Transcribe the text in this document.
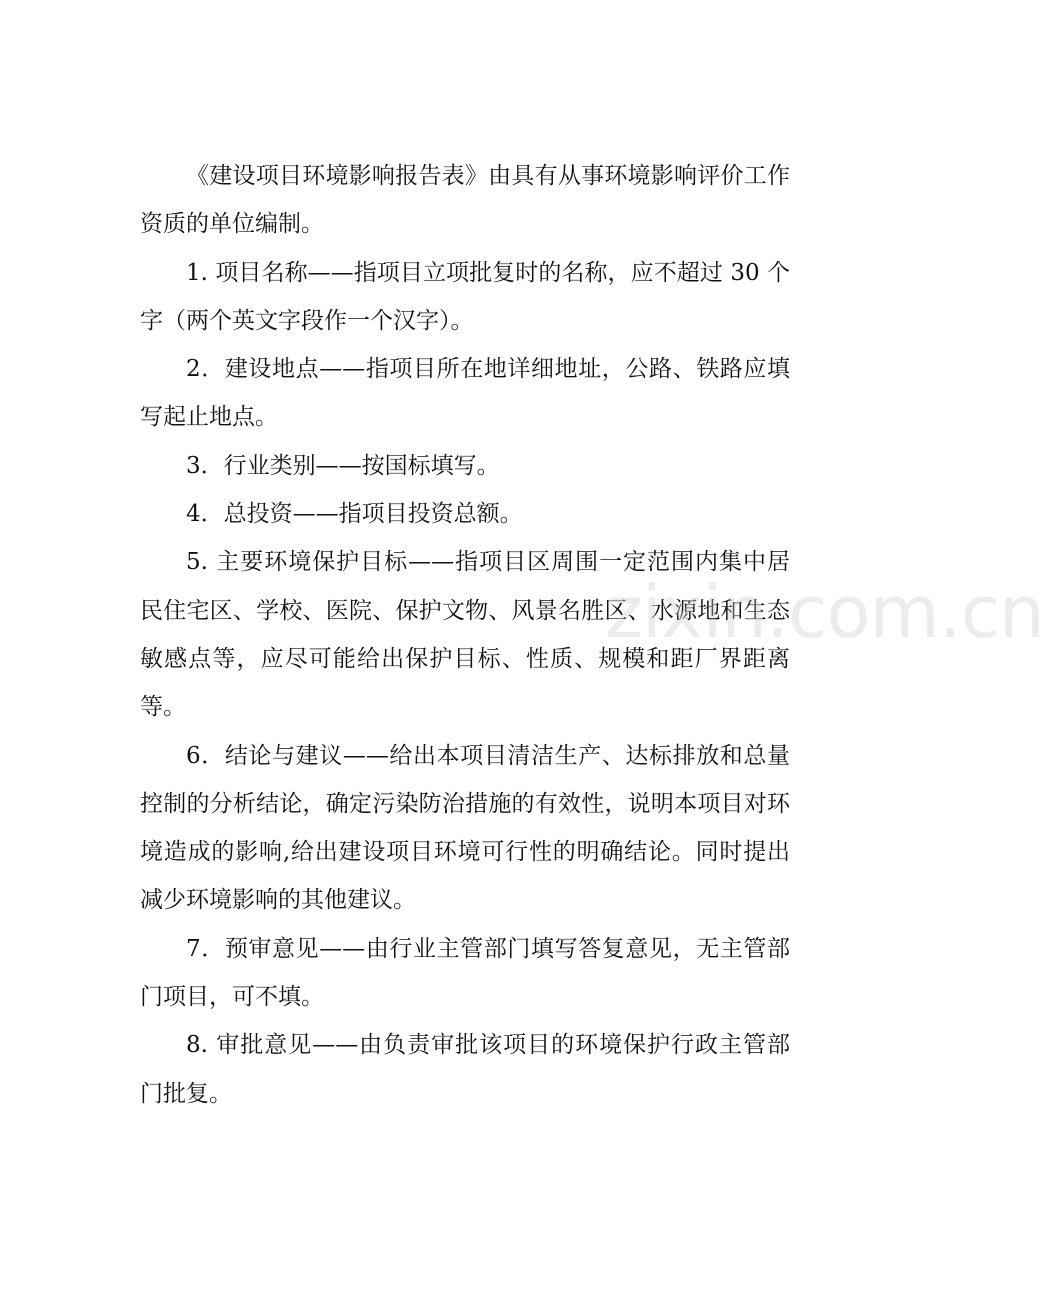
《建设项目环境影响报告表》由具有从事环境影响评价工作资质的单位编制。

1. 项目名称——指项目立项批复时的名称，应不超过 30 个字（两个英文字段作一个汉字）。

2．建设地点——指项目所在地详细地址，公路、铁路应填写起止地点。

3．行业类别——按国标填写。

4．总投资——指项目投资总额。

5. 主要环境保护目标——指项目区周围一定范围内集中居民住宅区、学校、医院、保护文物、风景名胜区、水源地和生态敏感点等，应尽可能给出保护目标、性质、规模和距厂界距离等。

6．结论与建议——给出本项目清洁生产、达标排放和总量控制的分析结论，确定污染防治措施的有效性，说明本项目对环境造成的影响,给出建设项目环境可行性的明确结论。同时提出减少环境影响的其他建议。

7．预审意见——由行业主管部门填写答复意见，无主管部门项目，可不填。

8. 审批意见——由负责审批该项目的环境保护行政主管部门批复。

zixin.com.cn
